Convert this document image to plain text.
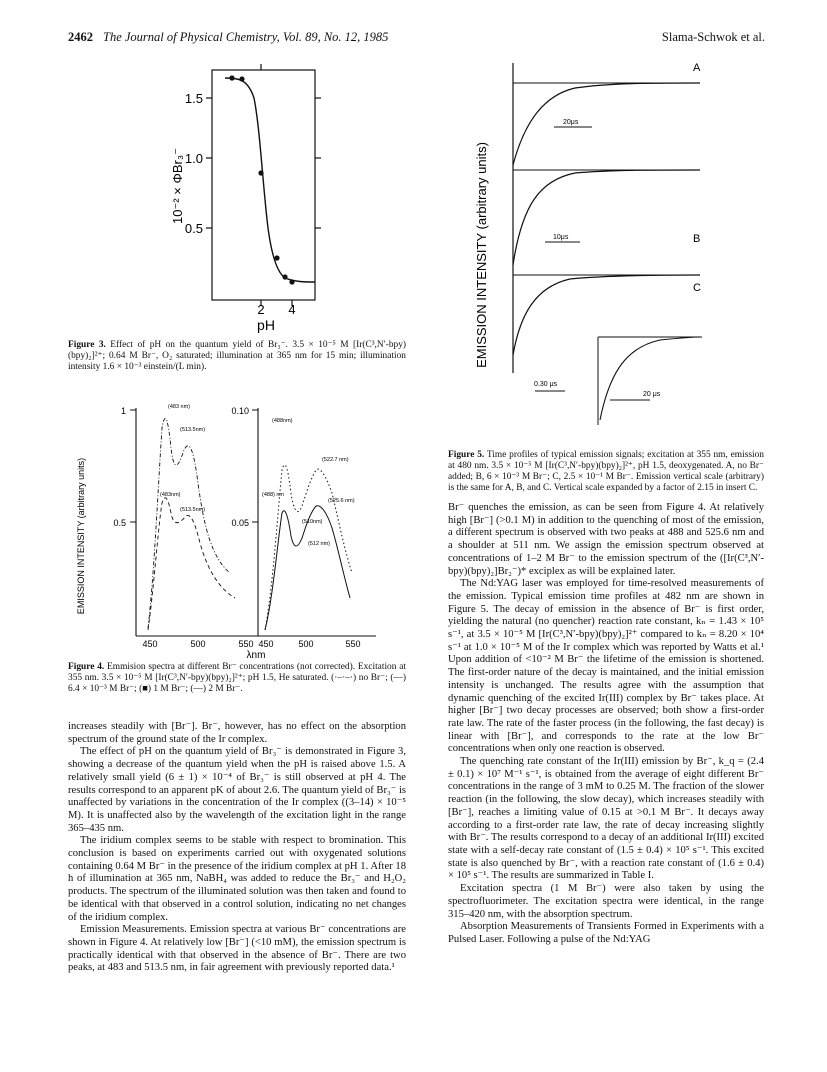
2462 The Journal of Physical Chemistry, Vol. 89, No. 12, 1985	Slama-Schwok et al.
1.5
1.0
0.5
2 4
pH
10⁻² × ΦBr₃⁻
Figure 3. Effect of pH on the quantum yield of Br₃⁻. 3.5 × 10⁻⁵ M [Ir(C³,N′-bpy)(bpy)₂]²⁺; 0.64 M Br⁻, O₂ saturated; illumination at 365 nm for 15 min; illumination intensity 1.6 × 10⁻³ einstein/(L min).
EMISSION INTENSITY (arbitrary units)
1
0.5
0.10
0.05
450	500	550 450	500	550
λnm
(483 nm)
(513.5nm)
(483nm)
(513.5nm)
(488nm)
(522.7 nm)
(488) nm
(525.6 nm)
(510nm)
(512 nm)
Figure 4. Emmision spectra at different Br⁻ concentrations (not corrected). Excitation at 355 nm. 3.5 × 10⁻⁵ M [Ir(C³,N′-bpy)(bpy)₂]²⁺; pH 1.5, He saturated. (·–·–·) no Br⁻; (––) 6.4 × 10⁻³ M Br⁻; (■) 1 M Br⁻; (—) 2 M Br⁻.

increases steadily with [Br⁻]. Br⁻, however, has no effect on the absorption spectrum of the ground state of the Ir complex.

The effect of pH on the quantum yield of Br₃⁻ is demonstrated in Figure 3, showing a decrease of the quantum yield when the pH is raised above 1.5. A relatively small yield (6 ± 1) × 10⁻⁴ of Br₃⁻ is still observed at pH 4. The results correspond to an apparent pK of about 2.6. The quantum yield of Br₃⁻ is unaffected by variations in the concentration of the Ir complex ((3–14) × 10⁻⁵ M). It is unaffected also by the wavelength of the excitation light in the range 365–435 nm.

The iridium complex seems to be stable with respect to bromination. This conclusion is based on experiments carried out with oxygenated solutions containing 0.64 M Br⁻ in the presence of the iridium complex at pH 1. After 18 h of illumination at 365 nm, NaBH₄ was added to reduce the Br₃⁻ and H₂O₂ products. The spectrum of the illuminated solution was then taken and found to be identical with that observed in a control solution, indicating no net changes of the iridium complex.

Emission Measurements. Emission spectra at various Br⁻ concentrations are shown in Figure 4. At relatively low [Br⁻] (<10 mM), the emission spectrum is practically identical with that observed in the absence of Br⁻. There are two peaks, at 483 and 513.5 nm, in fair agreement with previously reported data.¹

EMISSION INTENSITY (arbitrary units)
A
20μs
B
10μs
C
0.30 μs
20 μs
Figure 5. Time profiles of typical emission signals; excitation at 355 nm, emission at 480 nm. 3.5 × 10⁻⁵ M [Ir(C³,N′-bpy)(bpy)₂]²⁺, pH 1.5, deoxygenated. A, no Br⁻ added; B, 6 × 10⁻³ M Br⁻; C, 2.5 × 10⁻¹ M Br⁻. Emission vertical scale (arbitrary) is the same for A, B, and C. Vertical scale expanded by a factor of 2.15 in insert C.

Br⁻ quenches the emission, as can be seen from Figure 4. At relatively high [Br⁻] (>0.1 M) in addition to the quenching of most of the emission, a different spectrum is observed with two peaks at 488 and 525.6 nm and a shoulder at 511 nm. We assign the emission spectrum observed at concentrations of 1–2 M Br⁻ to the emission spectrum of the ([Ir(C³,N′-bpy)(bpy)₂]Br₂⁻)* exciplex as will be explained later.

The Nd:YAG laser was employed for time-resolved measurements of the emission. Typical emission time profiles at 482 nm are shown in Figure 5. The decay of emission in the absence of Br⁻ is first order, yielding the natural (no quencher) reaction rate constant, kₙ = 1.43 × 10⁵ s⁻¹, at 3.5 × 10⁻⁵ M [Ir(C³,N′-bpy)(bpy)₂]²⁺ compared to kₙ = 8.20 × 10⁴ s⁻¹ at 1.0 × 10⁻⁵ M of the Ir complex which was reported by Watts et al.¹ Upon addition of <10⁻² M Br⁻ the lifetime of the emission is shortened. The first-order nature of the decay is maintained, and the initial emission intensity is unchanged. The results agree with the assumption that dynamic quenching of the excited Ir(III) complex by Br⁻ takes place. At higher [Br⁻] two decay processes are observed; both show a first-order rate law. The rate of the faster process (in the following, the fast decay) is linear with [Br⁻], and corresponds to the rate at the low Br⁻ concentrations when only one reaction is observed.

The quenching rate constant of the Ir(III) emission by Br⁻, k_q = (2.4 ± 0.1) × 10⁷ M⁻¹ s⁻¹, is obtained from the average of eight different Br⁻ concentrations in the range of 3 mM to 0.25 M. The fraction of the slower reaction (in the following, the slow decay), which increases steadily with [Br⁻], reaches a limiting value of 0.15 at >0.1 M Br⁻. It decays away according to a first-order rate law, the rate of decay increasing slightly with Br⁻. The results correspond to a decay of an additional Ir(III) excited state with a self-decay rate constant of (1.5 ± 0.4) × 10⁵ s⁻¹. This excited state is also quenched by Br⁻, with a reaction rate constant of (1.6 ± 0.4) × 10⁵ s⁻¹. The results are summarized in Table I.

Excitation spectra (1 M Br⁻) were also taken by using the spectrofluorimeter. The excitation spectra were identical, in the range 315–420 nm, with the absorption spectrum.

Absorption Measurements of Transients Formed in Experiments with a Pulsed Laser. Following a pulse of the Nd:YAG
